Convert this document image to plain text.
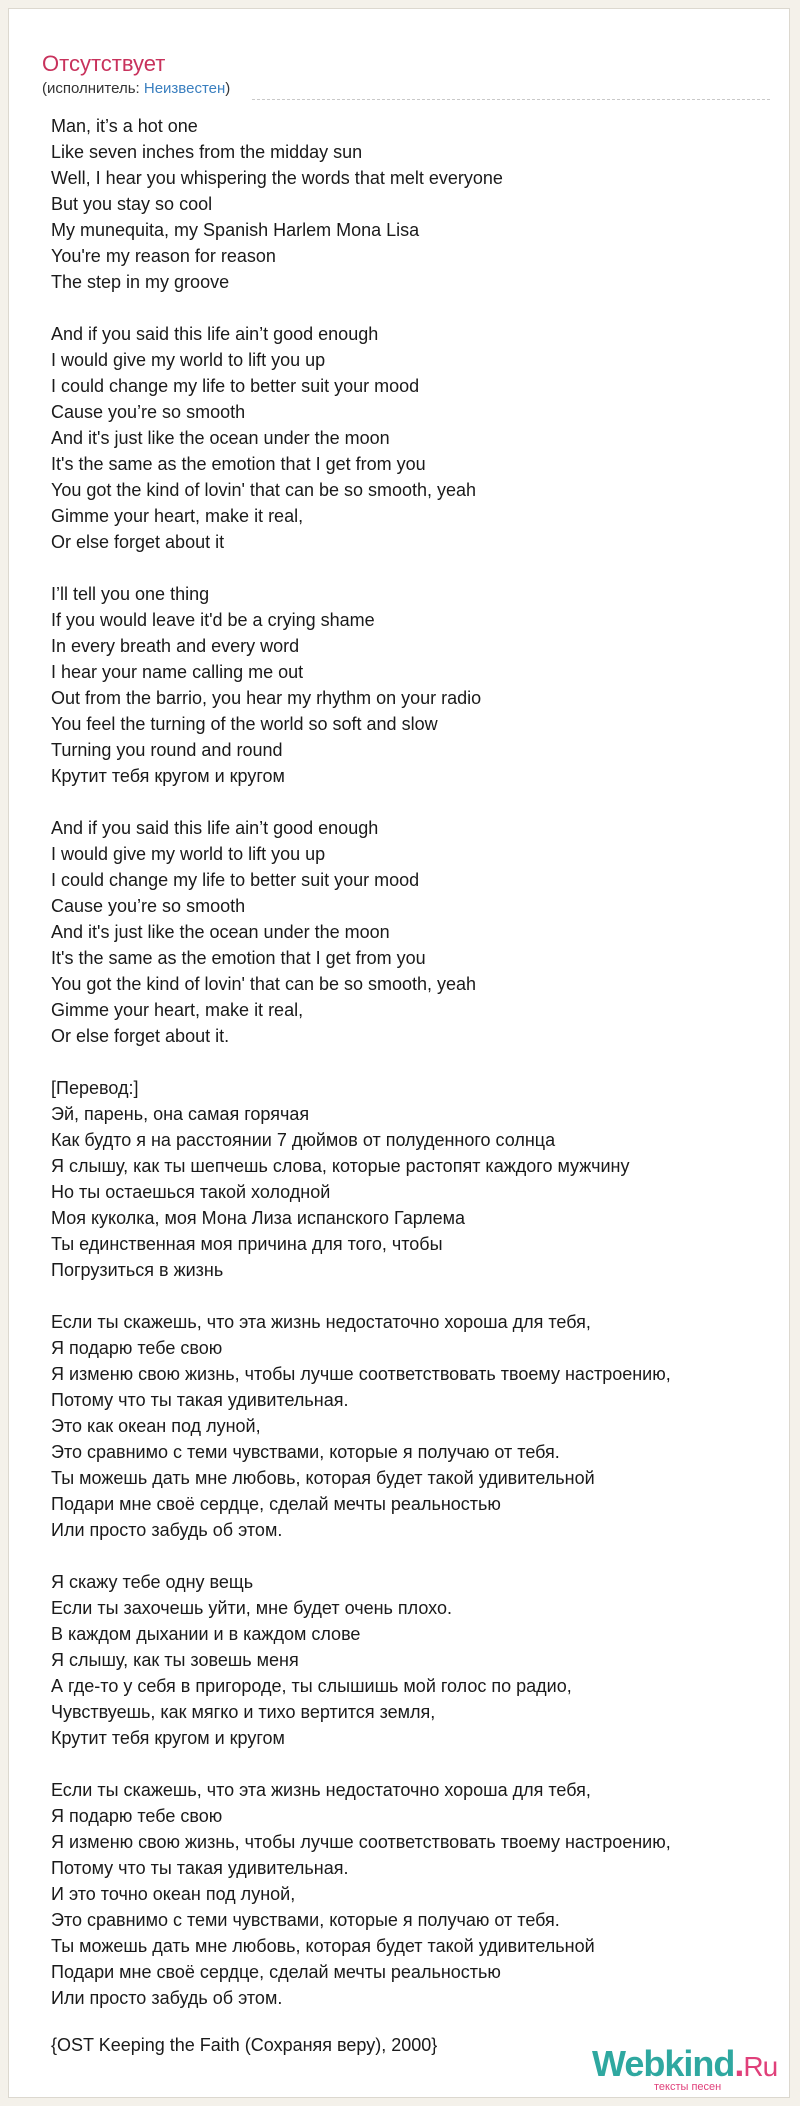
Отсутствует
(исполнитель: Неизвестен)
Man, it’s a hot one
Like seven inches from the midday sun
Well, I hear you whispering the words that melt everyone
But you stay so cool
My munequita, my Spanish Harlem Mona Lisa
You're my reason for reason
The step in my groove
And if you said this life ain’t good enough
I would give my world to lift you up
I could change my life to better suit your mood
Cause you’re so smooth
And it's just like the ocean under the moon
It's the same as the emotion that I get from you
You got the kind of lovin' that can be so smooth, yeah
Gimme your heart, make it real,
Or else forget about it
I’ll tell you one thing
If you would leave it'd be a crying shame
In every breath and every word
I hear your name calling me out
Out from the barrio, you hear my rhythm on your radio
You feel the turning of the world so soft and slow
Turning you round and round
Крутит тебя кругом и кругом
And if you said this life ain’t good enough
I would give my world to lift you up
I could change my life to better suit your mood
Cause you’re so smooth
And it's just like the ocean under the moon
It's the same as the emotion that I get from you
You got the kind of lovin' that can be so smooth, yeah
Gimme your heart, make it real,
Or else forget about it.
[Перевод:]
Эй, парень, она самая горячая
Как будто я на расстоянии 7 дюймов от полуденного солнца
Я слышу, как ты шепчешь слова, которые растопят каждого мужчину
Но ты остаешься такой холодной
Моя куколка, моя Мона Лиза испанского Гарлема
Ты единственная моя причина для того, чтобы
Погрузиться в жизнь
Если ты скажешь, что эта жизнь недостаточно хороша для тебя,
Я подарю тебе свою
Я изменю свою жизнь, чтобы лучше соответствовать твоему настроению,
Потому что ты такая удивительная.
Это как океан под луной,
Это сравнимо с теми чувствами, которые я получаю от тебя.
Ты можешь дать мне любовь, которая будет такой удивительной
Подари мне своё сердце, сделай мечты реальностью
Или просто забудь об этом.
Я скажу тебе одну вещь
Если ты захочешь уйти, мне будет очень плохо.
В каждом дыхании и в каждом слове
Я слышу, как ты зовешь меня
А где-то у себя в пригороде, ты слышишь мой голос по радио,
Чувствуешь, как мягко и тихо вертится земля,
Крутит тебя кругом и кругом
Если ты скажешь, что эта жизнь недостаточно хороша для тебя,
Я подарю тебе свою
Я изменю свою жизнь, чтобы лучше соответствовать твоему настроению,
Потому что ты такая удивительная.
И это точно океан под луной,
Это сравнимо с теми чувствами, которые я получаю от тебя.
Ты можешь дать мне любовь, которая будет такой удивительной
Подари мне своё сердце, сделай мечты реальностью
Или просто забудь об этом.
{OST Keeping the Faith (Сохраняя веру), 2000}	Webkind.Ru
тексты песен
